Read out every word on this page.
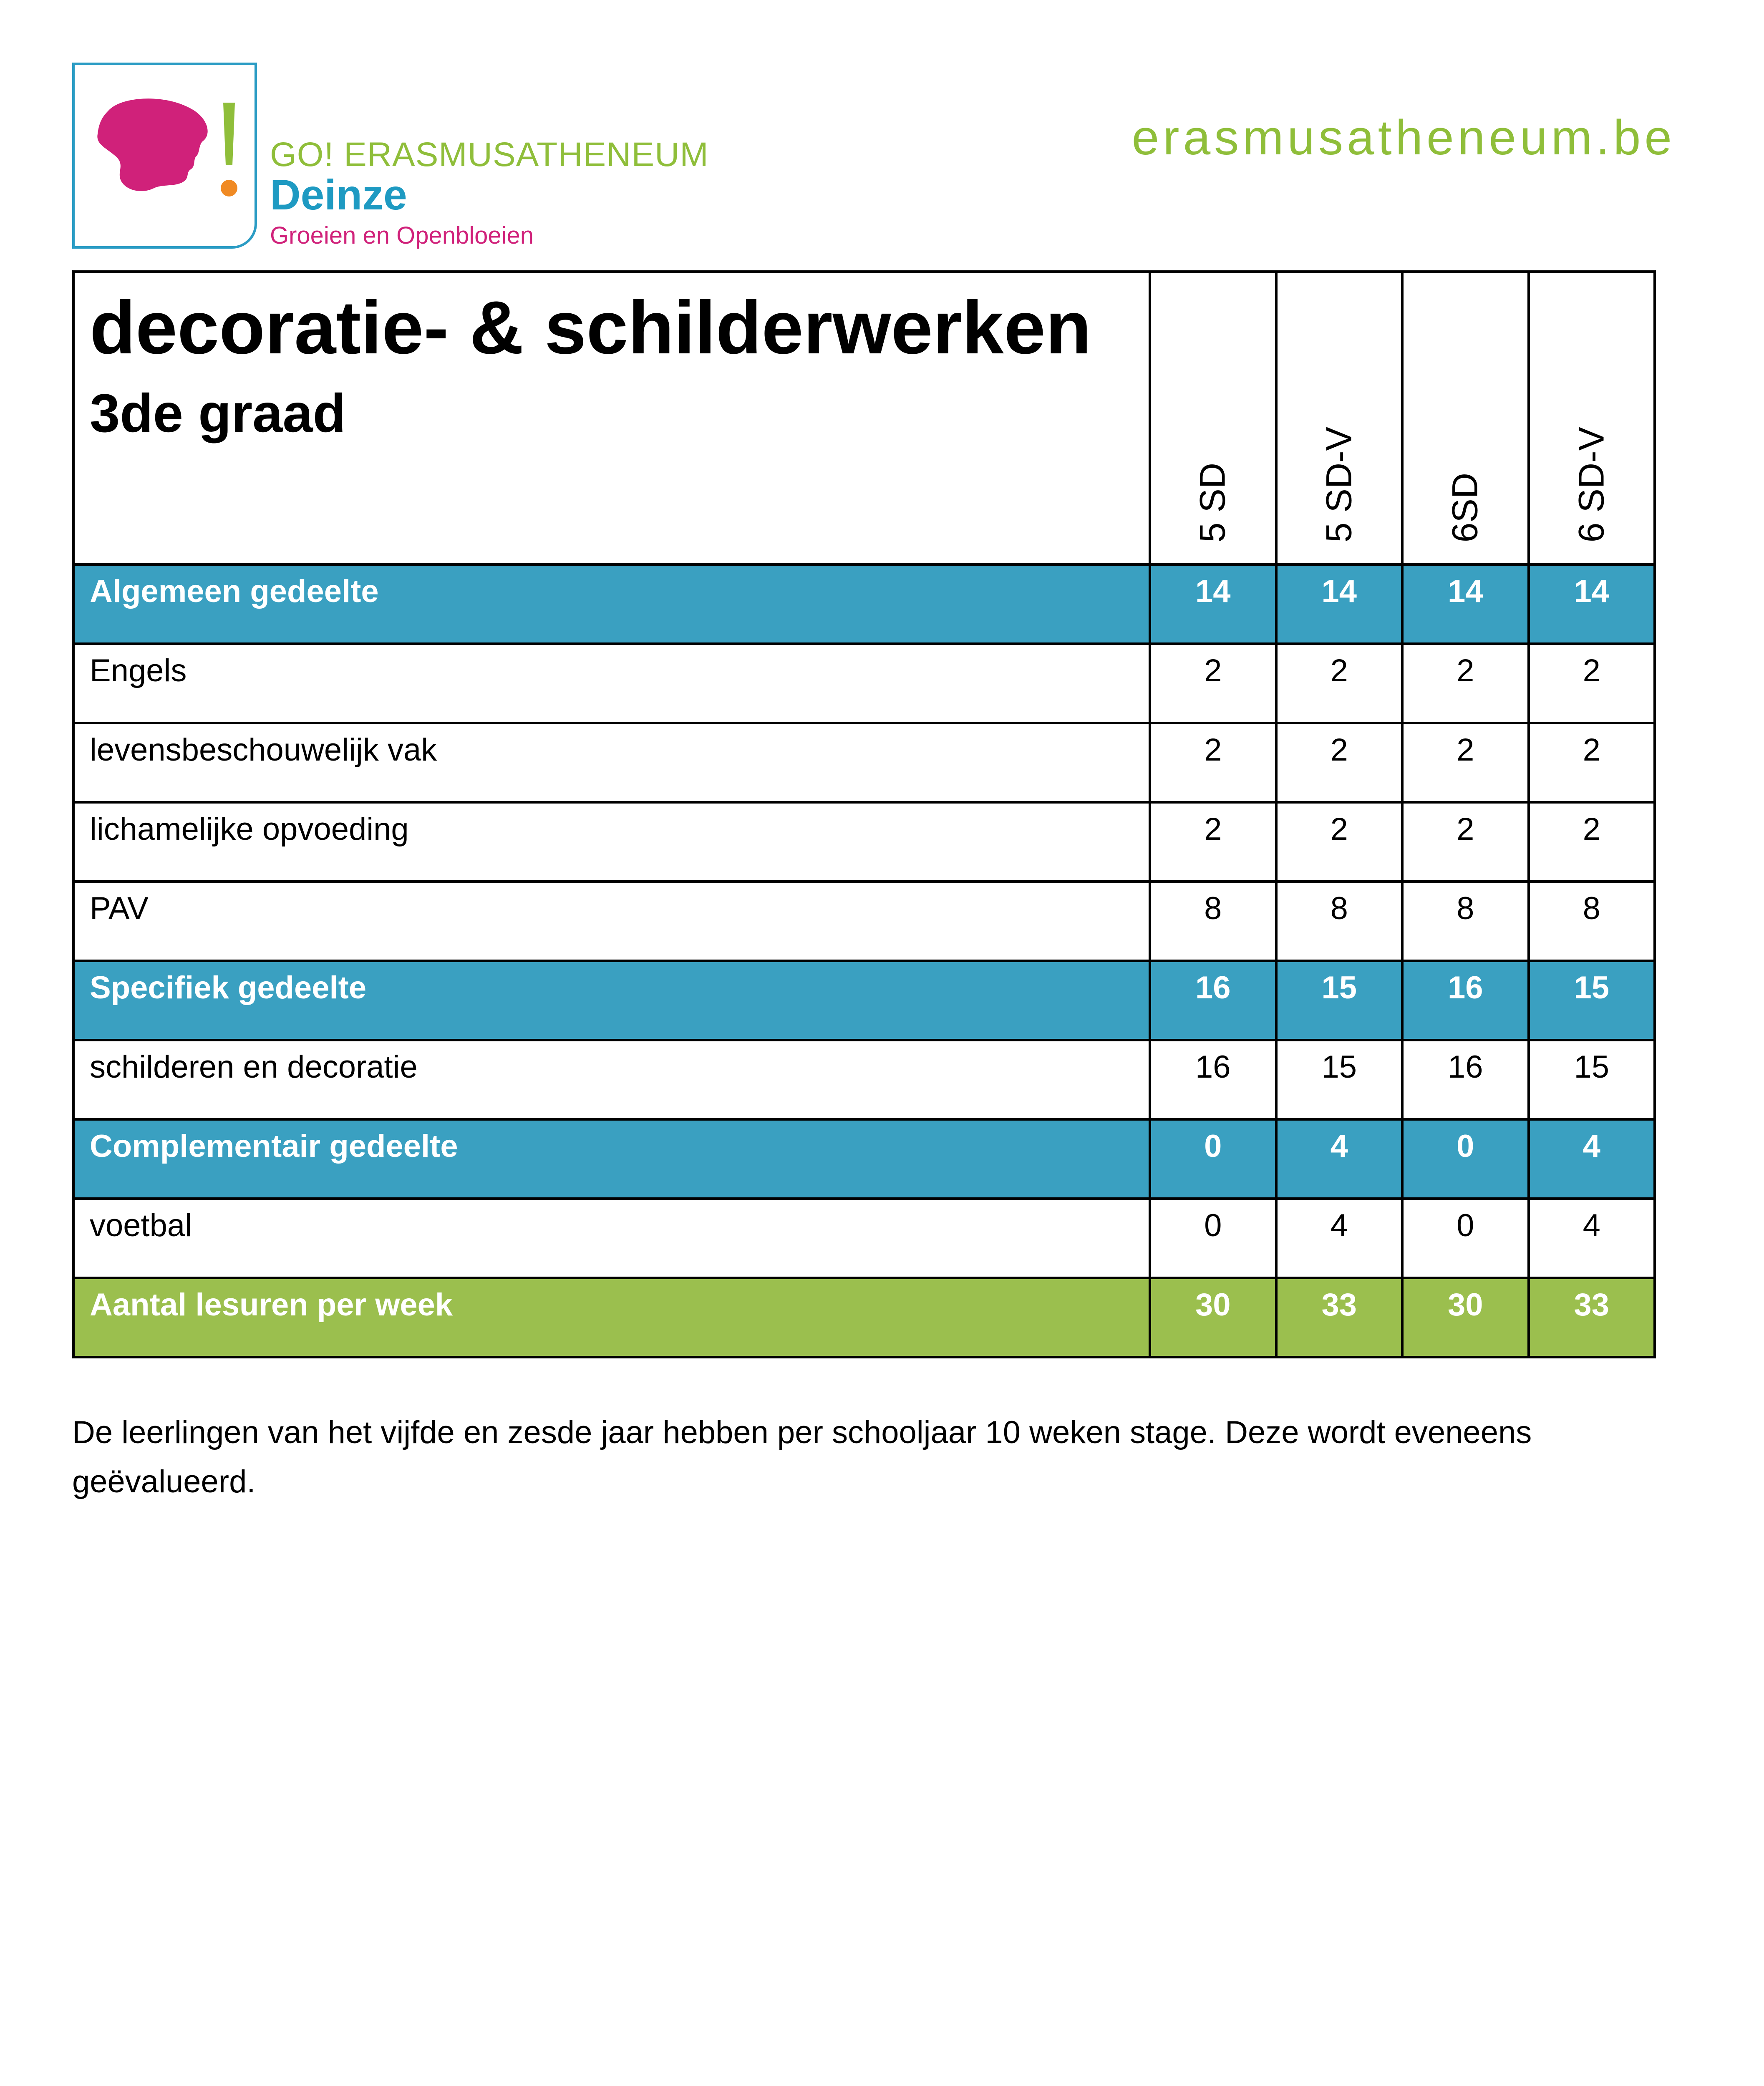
GO! ERASMUSATHENEUM
Deinze
Groeien en Openbloeien
erasmusatheneum.be
decoratie- & schilderwerken
3de graad	5 SD	5 SD-V	6SD	6 SD-V

Algemeen gedeelte	14	14	14	14
Engels	2	2	2	2
levensbeschouwelijk vak	2	2	2	2
lichamelijke opvoeding	2	2	2	2
PAV	8	8	8	8
Specifiek gedeelte	16	15	16	15
schilderen en decoratie	16	15	16	15
Complementair gedeelte	0	4	0	4
voetbal	0	4	0	4
Aantal lesuren per week	30	33	30	33
De leerlingen van het vijfde en zesde jaar hebben per schooljaar 10 weken stage. Deze wordt eveneens geëvalueerd.
